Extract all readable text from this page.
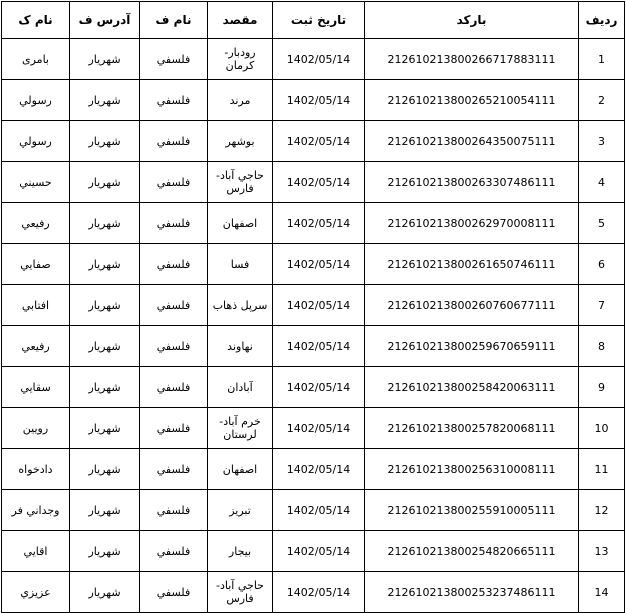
نام ک	آدرس ف	نام ف	مقصد	تاریخ ثبت	بارکد	ردیف
بامری	شهریار	فلسفي	رودبار-کرمان	1402/05/14	212610213800266717883111	1
رسولي	شهریار	فلسفي	مرند	1402/05/14	212610213800265210054111	2
رسولي	شهریار	فلسفي	بوشهر	1402/05/14	212610213800264350075111	3
حسیني	شهریار	فلسفي	حاجي آباد- فارس	1402/05/14	212610213800263307486111	4
رفیعي	شهریار	فلسفي	اصفهان	1402/05/14	212610213800262970008111	5
صفایي	شهریار	فلسفي	فسا	1402/05/14	212610213800261650746111	6
افتابي	شهریار	فلسفي	سرپل ذهاب	1402/05/14	212610213800260760677111	7
رفیعي	شهریار	فلسفي	نهاوند	1402/05/14	212610213800259670659111	8
سقایي	شهریار	فلسفي	آبادان	1402/05/14	212610213800258420063111	9
رویین	شهریار	فلسفي	خرم آباد- لرستان	1402/05/14	212610213800257820068111	10
دادخواه	شهریار	فلسفي	اصفهان	1402/05/14	212610213800256310008111	11
وجداني فر	شهریار	فلسفي	تبریز	1402/05/14	212610213800255910005111	12
اقایي	شهریار	فلسفي	بیجار	1402/05/14	212610213800254820665111	13
عزیزي	شهریار	فلسفي	حاجي آباد- فارس	1402/05/14	212610213800253237486111	14
